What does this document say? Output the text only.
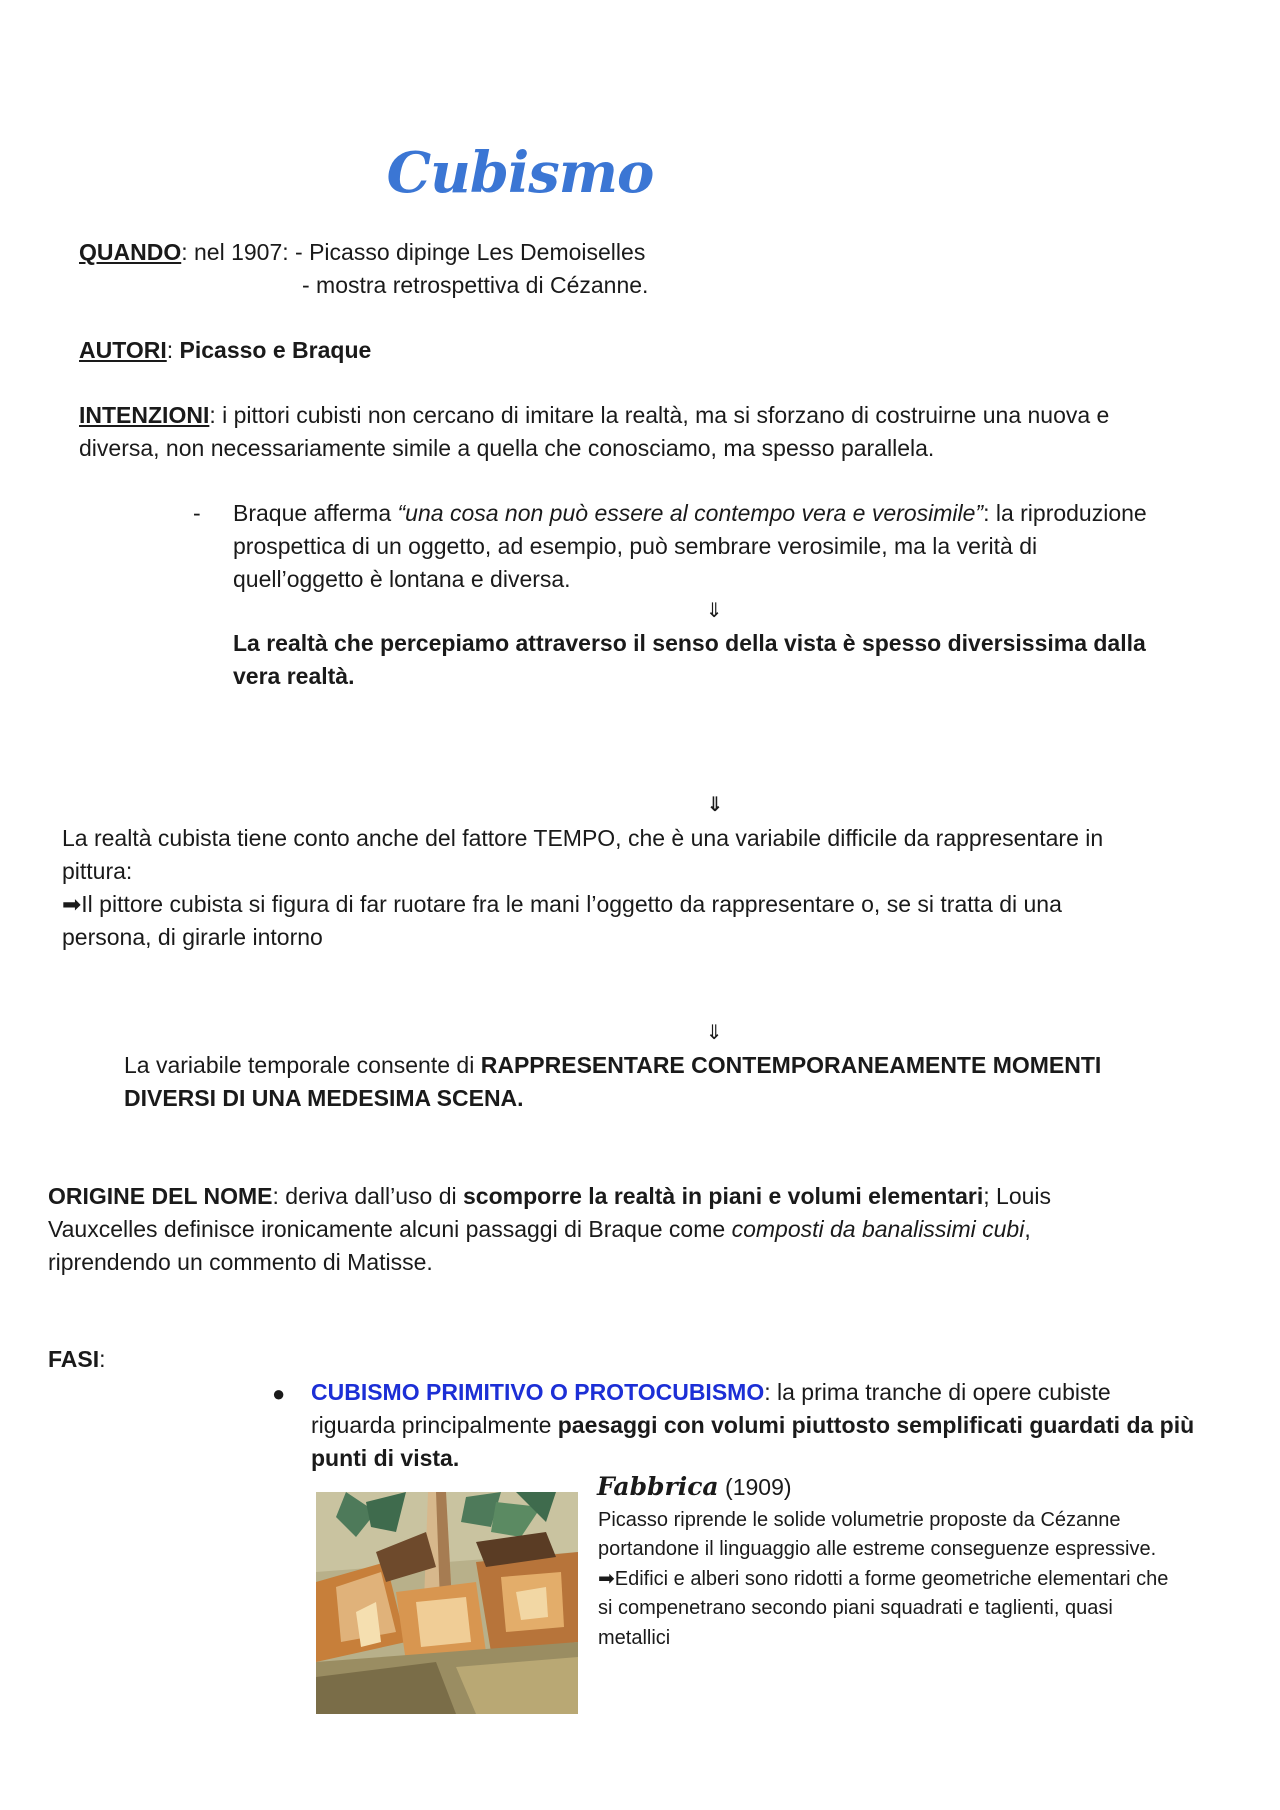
Cubismo
QUANDO: nel 1907: - Picasso dipinge Les Demoiselles
- mostra retrospettiva di Cézanne.
AUTORI: Picasso e Braque
INTENZIONI: i pittori cubisti non cercano di imitare la realtà, ma si sforzano di costruirne una nuova e
diversa, non necessariamente simile a quella che conosciamo, ma spesso parallela.
- Braque afferma “una cosa non può essere al contempo vera e verosimile”: la riproduzione
prospettica di un oggetto, ad esempio, può sembrare verosimile, ma la verità di
quell’oggetto è lontana e diversa.
⇓
La realtà che percepiamo attraverso il senso della vista è spesso diversissima dalla
vera realtà.
⇓
La realtà cubista tiene conto anche del fattore TEMPO, che è una variabile difficile da rappresentare in
pittura:
➡Il pittore cubista si figura di far ruotare fra le mani l’oggetto da rappresentare o, se si tratta di una
persona, di girarle intorno
⇓
La variabile temporale consente di RAPPRESENTARE CONTEMPORANEAMENTE MOMENTI
DIVERSI DI UNA MEDESIMA SCENA.
ORIGINE DEL NOME: deriva dall’uso di scomporre la realtà in piani e volumi elementari; Louis
Vauxcelles definisce ironicamente alcuni passaggi di Braque come composti da banalissimi cubi,
riprendendo un commento di Matisse.
FASI:
● CUBISMO PRIMITIVO O PROTOCUBISMO: la prima tranche di opere cubiste
riguarda principalmente paesaggi con volumi piuttosto semplificati guardati da più
punti di vista.
Fabbrica (1909)
Picasso riprende le solide volumetrie proposte da Cézanne
portandone il linguaggio alle estreme conseguenze espressive.
➡Edifici e alberi sono ridotti a forme geometriche elementari che
si compenetrano secondo piani squadrati e taglienti, quasi
metallici
